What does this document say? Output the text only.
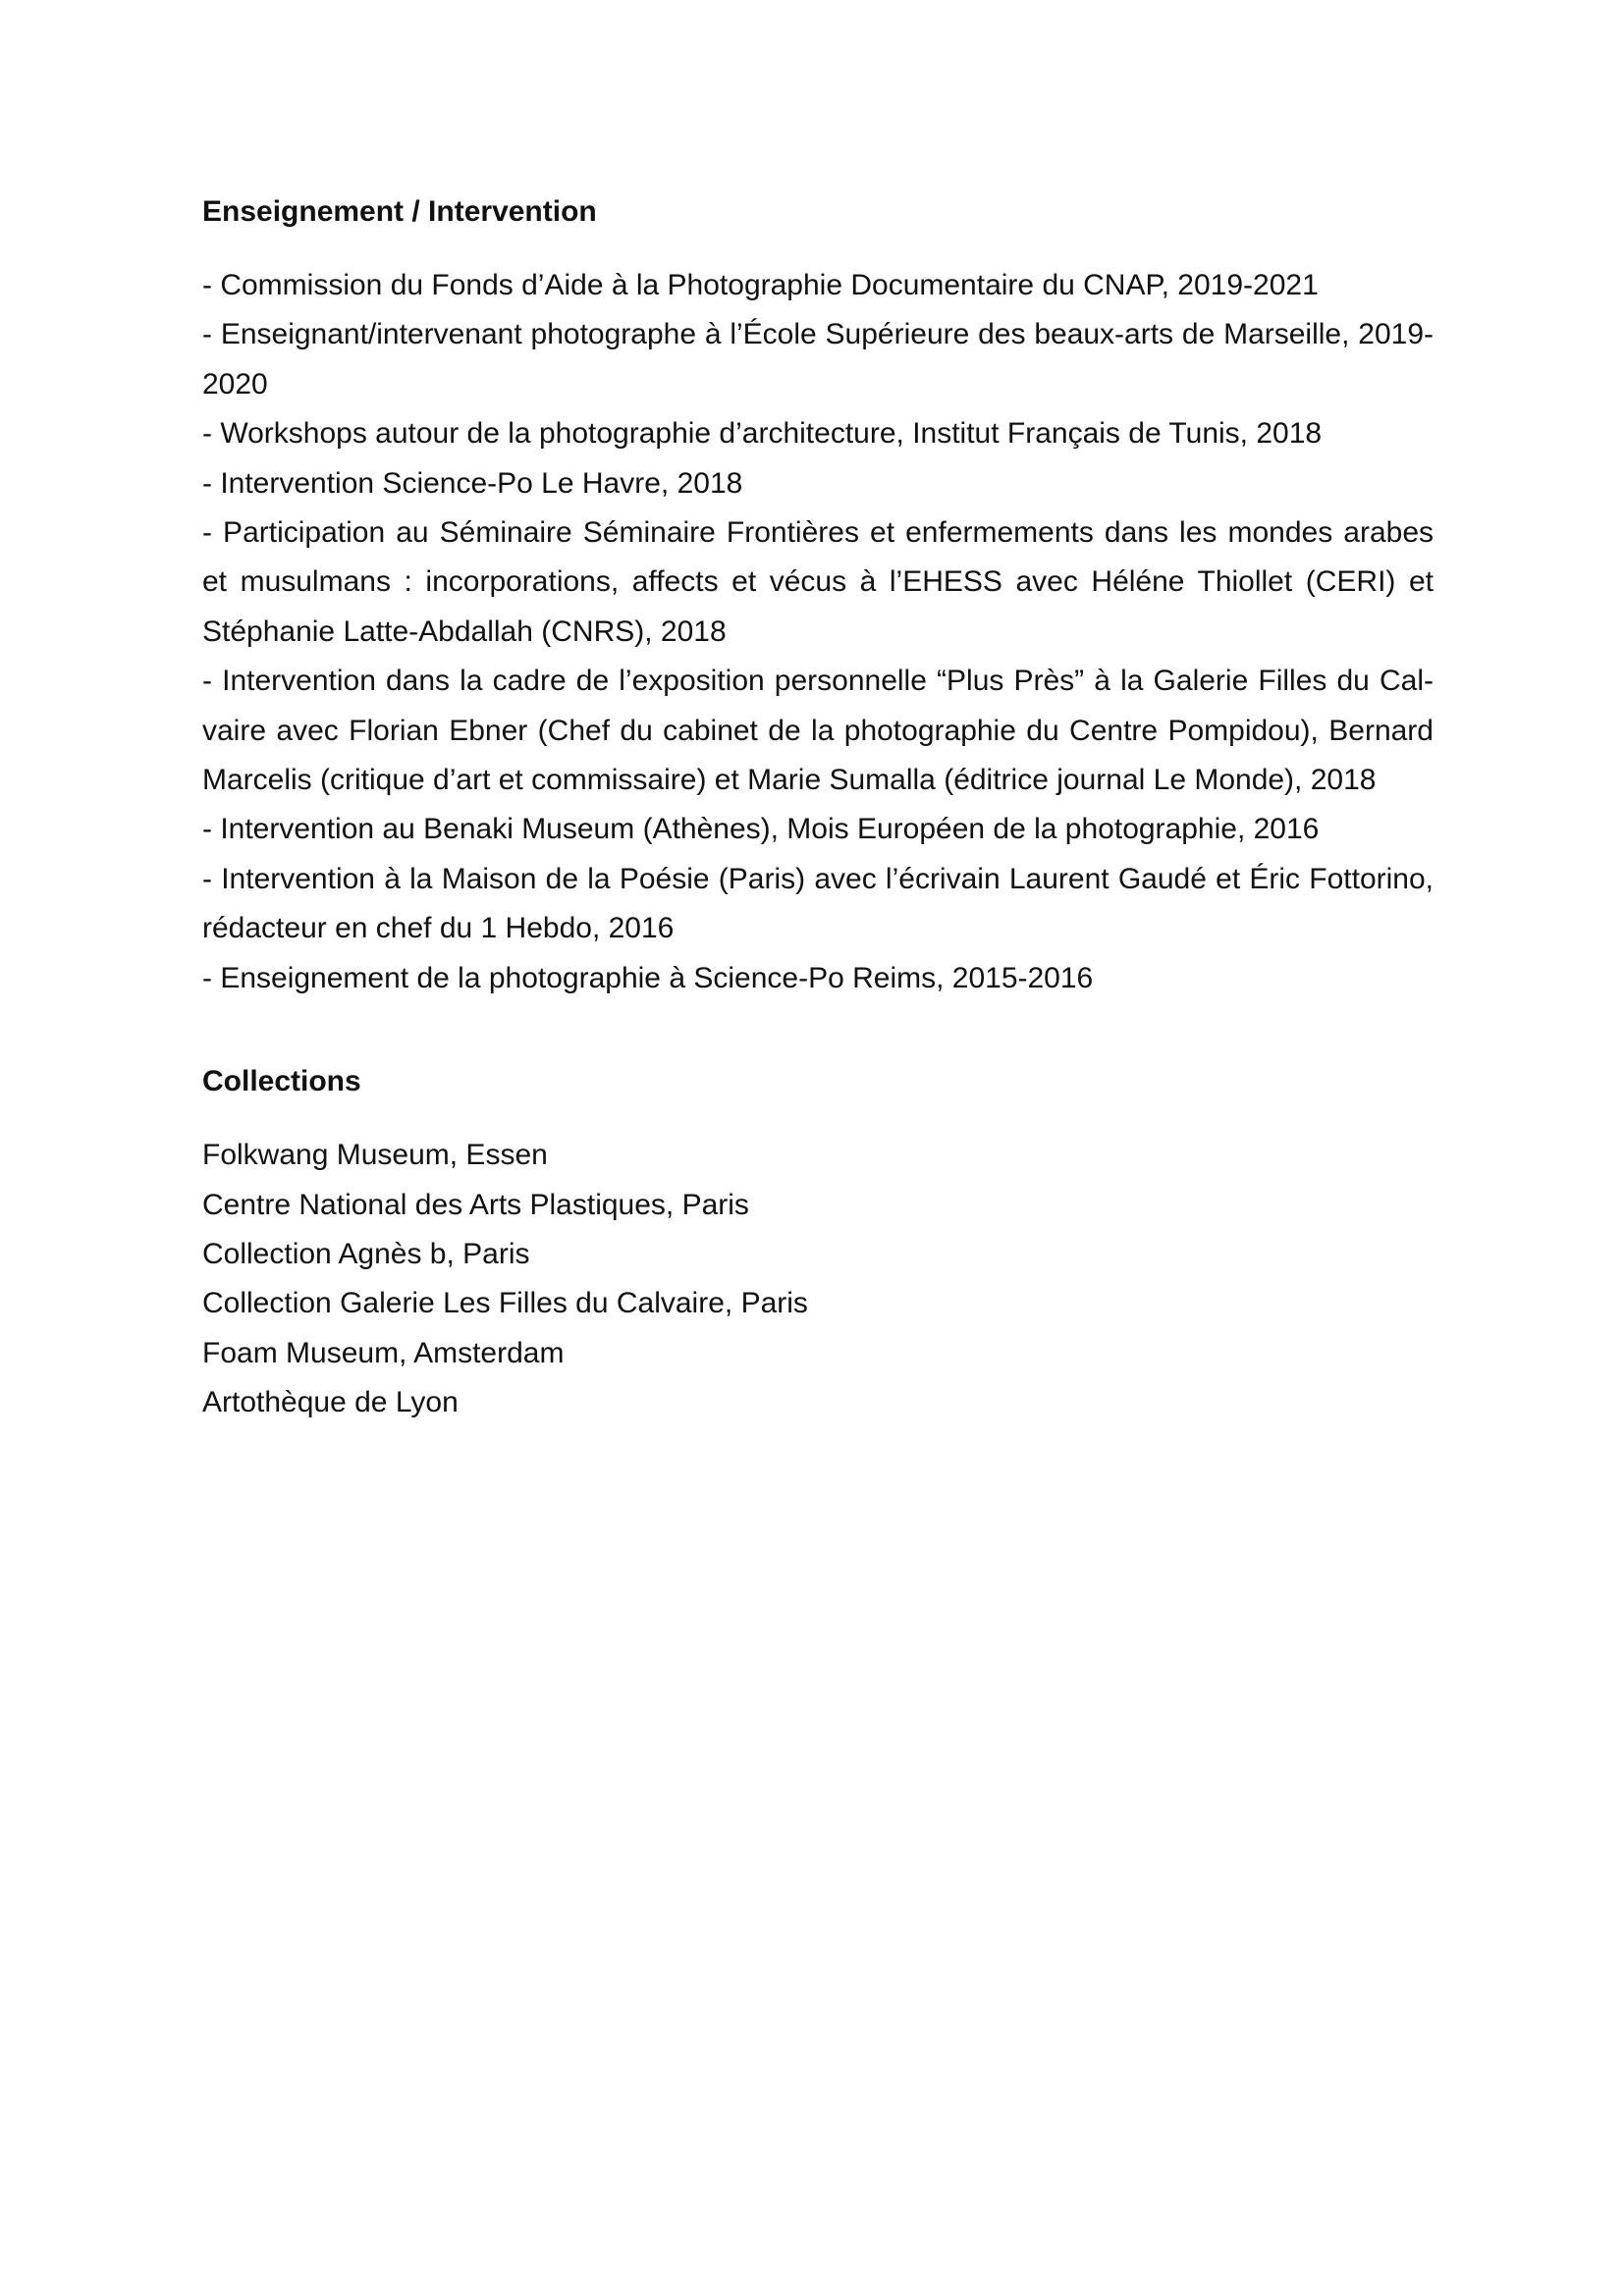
Enseignement / Intervention
- Commission du Fonds d’Aide à la Photographie Documentaire du CNAP, 2019-2021
- Enseignant/intervenant photographe à l’École Supérieure des beaux-arts de Marseille, 2019-2020
- Workshops autour de la photographie d’architecture, Institut Français de Tunis, 2018
- Intervention Science-Po Le Havre, 2018
- Participation au Séminaire Séminaire Frontières et enfermements dans les mondes arabes et musulmans : incorporations, affects et vécus à l’EHESS avec Héléne Thiollet (CERI) et Stéphanie Latte-Abdallah (CNRS), 2018
- Intervention dans la cadre de l’exposition personnelle “Plus Près” à la Galerie Filles du Calvaire avec Florian Ebner (Chef du cabinet de la photographie du Centre Pompidou), Bernard Marcelis (critique d’art et commissaire) et Marie Sumalla (éditrice journal Le Monde), 2018
- Intervention au Benaki Museum (Athènes), Mois Européen de la photographie, 2016
- Intervention à la Maison de la Poésie (Paris) avec l’écrivain Laurent Gaudé et Éric Fottorino, rédacteur en chef du 1 Hebdo, 2016
- Enseignement de la photographie à Science-Po Reims, 2015-2016
Collections
Folkwang Museum, Essen
Centre National des Arts Plastiques, Paris
Collection Agnès b, Paris
Collection Galerie Les Filles du Calvaire, Paris
Foam Museum, Amsterdam
Artothèque de Lyon
